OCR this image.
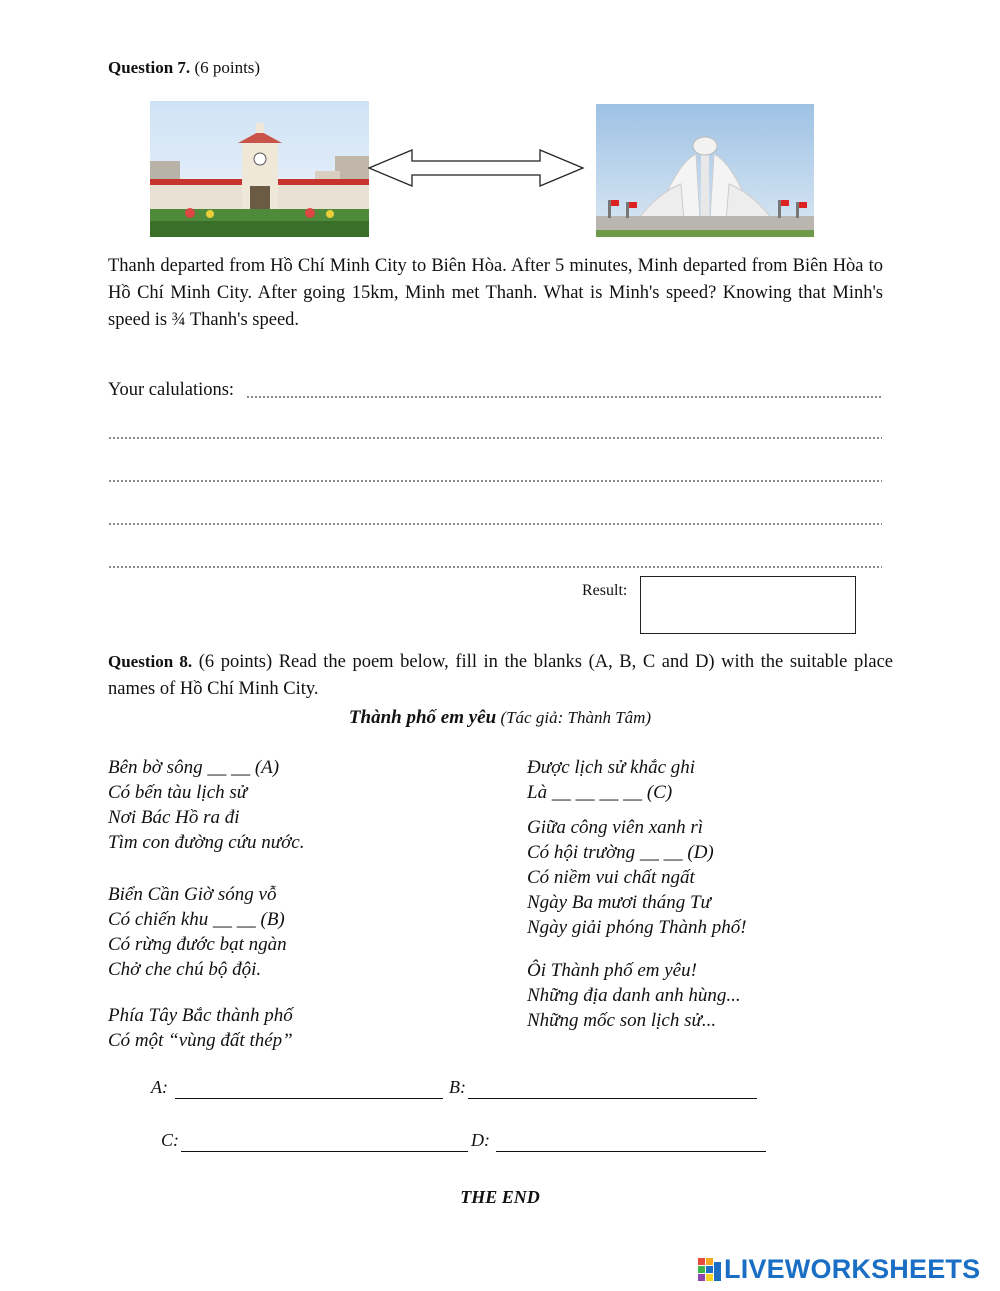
Question 7. (6 points)
Thanh departed from Hồ Chí Minh City to Biên Hòa. After 5 minutes, Minh departed from Biên Hòa to Hồ Chí Minh City. After going 15km, Minh met Thanh. What is Minh's speed? Knowing that Minh's speed is ¾ Thanh's speed.
Your calulations:
Result:
Question 8. (6 points) Read the poem below, fill in the blanks (A, B, C and D) with the suitable place names of Hồ Chí Minh City.
Thành phố em yêu (Tác giả: Thành Tâm)
Bên bờ sông __ __ (A)
Có bến tàu lịch sử
Nơi Bác Hồ ra đi
Tìm con đường cứu nước.
Biển Cần Giờ sóng vỗ
Có chiến khu __ __ (B)
Có rừng đước bạt ngàn
Chở che chú bộ đội.
Phía Tây Bắc thành phố
Có một “vùng đất thép”
Được lịch sử khắc ghi
Là __ __ __ __ (C)
Giữa công viên xanh rì
Có hội trường __ __ (D)
Có niềm vui chất ngất
Ngày Ba mươi tháng Tư
Ngày giải phóng Thành phố!
Ôi Thành phố em yêu!
Những địa danh anh hùng...
Những mốc son lịch sử...
A:	B:
C:	D:
THE END
LIVEWORKSHEETS
